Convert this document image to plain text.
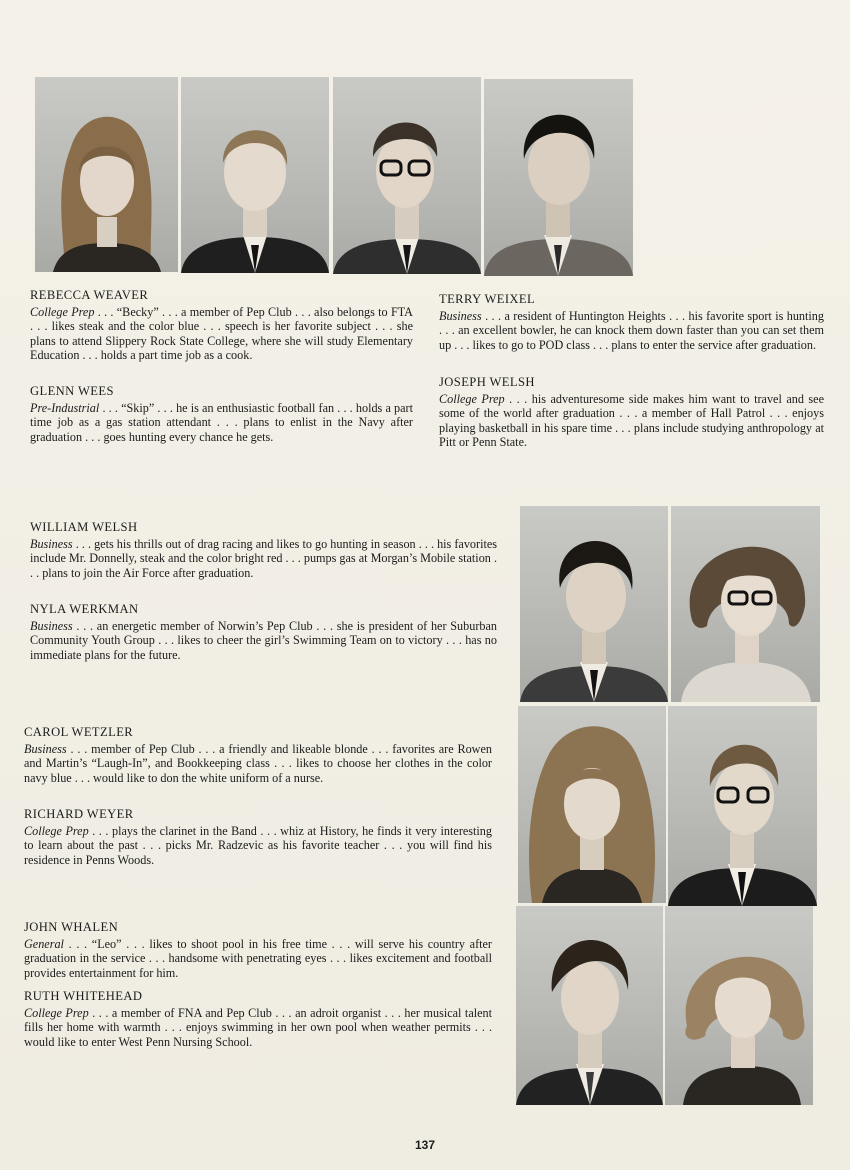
REBECCA WEAVER

College Prep . . . “Becky” . . . a member of Pep Club . . . also belongs to FTA . . . likes steak and the color blue . . . speech is her favorite subject . . . she plans to attend Slippery Rock State College, where she will study Elementary Education . . . holds a part time job as a cook.

GLENN WEES

Pre-Industrial . . . “Skip” . . . he is an enthusiastic football fan . . . holds a part time job as a gas station attendant . . . plans to enlist in the Navy after graduation . . . goes hunting every chance he gets.

TERRY WEIXEL

Business . . . a resident of Huntington Heights . . . his favorite sport is hunting . . . an excellent bowler, he can knock them down faster than you can set them up . . . likes to go to POD class . . . plans to enter the service after graduation.

JOSEPH WELSH

College Prep . . . his adventuresome side makes him want to travel and see some of the world after graduation . . . a member of Hall Patrol . . . enjoys playing basketball in his spare time . . . plans include studying anthropology at Pitt or Penn State.

WILLIAM WELSH

Business . . . gets his thrills out of drag racing and likes to go hunting in season . . . his favorites include Mr. Donnelly, steak and the color bright red . . . pumps gas at Morgan’s Mobile station . . . plans to join the Air Force after graduation.

NYLA WERKMAN

Business . . . an energetic member of Norwin’s Pep Club . . . she is president of her Suburban Community Youth Group . . . likes to cheer the girl’s Swimming Team on to victory . . . has no immediate plans for the future.

CAROL WETZLER

Business . . . member of Pep Club . . . a friendly and likeable blonde . . . favorites are Rowen and Martin’s “Laugh-In”, and Bookkeeping class . . . likes to choose her clothes in the color navy blue . . . would like to don the white uniform of a nurse.

RICHARD WEYER

College Prep . . . plays the clarinet in the Band . . . whiz at History, he finds it very interesting to learn about the past . . . picks Mr. Radzevic as his favorite teacher . . . you will find his residence in Penns Woods.

JOHN WHALEN

General . . . “Leo” . . . likes to shoot pool in his free time . . . will serve his country after graduation in the service . . . handsome with penetrating eyes . . . likes excitement and football provides entertainment for him.

RUTH WHITEHEAD

College Prep . . . a member of FNA and Pep Club . . . an adroit organist . . . her musical talent fills her home with warmth . . . enjoys swimming in her own pool when weather permits . . . would like to enter West Penn Nursing School.

137
